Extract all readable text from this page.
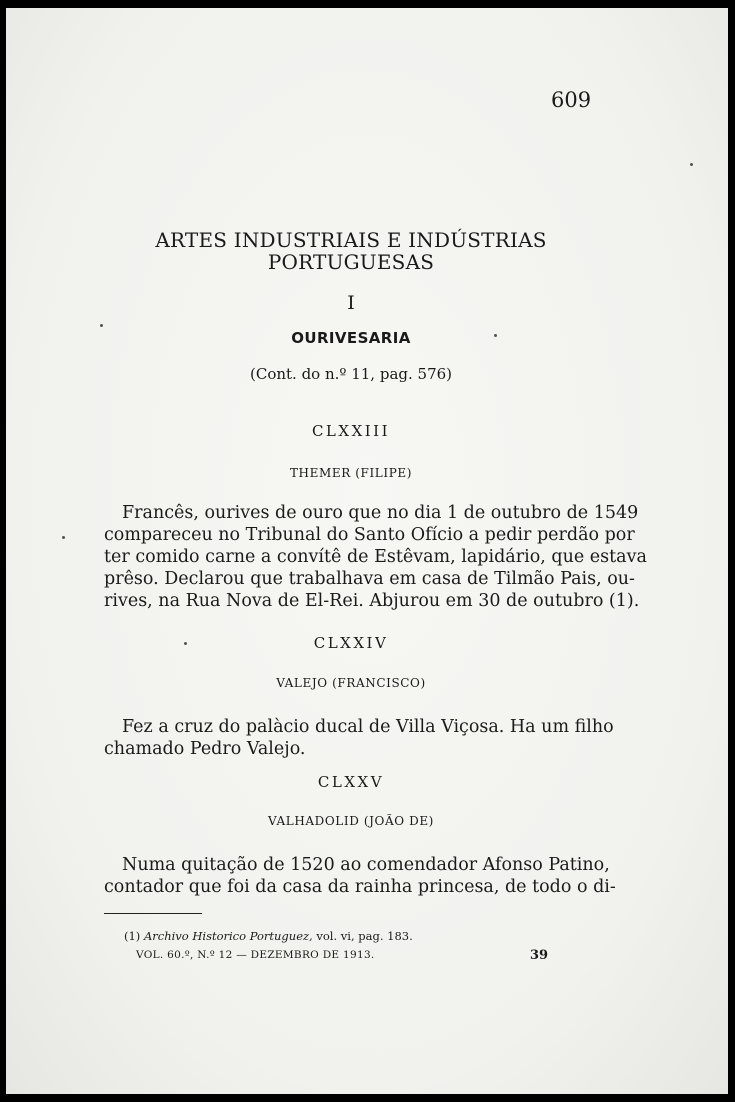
609
ARTES INDUSTRIAIS E INDÚSTRIAS
PORTUGUESAS
I
OURIVESARIA
(Cont. do n.º 11, pag. 576)
CLXXIII
THEMER (FILIPE)
Francês, ourives de ouro que no dia 1 de outubro de 1549
compareceu no Tribunal do Santo Ofício a pedir perdão por
ter comido carne a convítê de Estêvam, lapidário, que estava
prêso. Declarou que trabalhava em casa de Tilmão Pais, ou-
rives, na Rua Nova de El-Rei. Abjurou em 30 de outubro (1).
CLXXIV
VALEJO (FRANCISCO)
Fez a cruz do palàcio ducal de Villa Viçosa. Ha um filho
chamado Pedro Valejo.
CLXXV
VALHADOLID (JOÃO DE)
Numa quitação de 1520 ao comendador Afonso Patino,
contador que foi da casa da rainha princesa, de todo o di-
(1) Archivo Historico Portuguez, vol. vi, pag. 183.
VOL. 60.º, N.º 12 — DEZEMBRO DE 1913.	39
